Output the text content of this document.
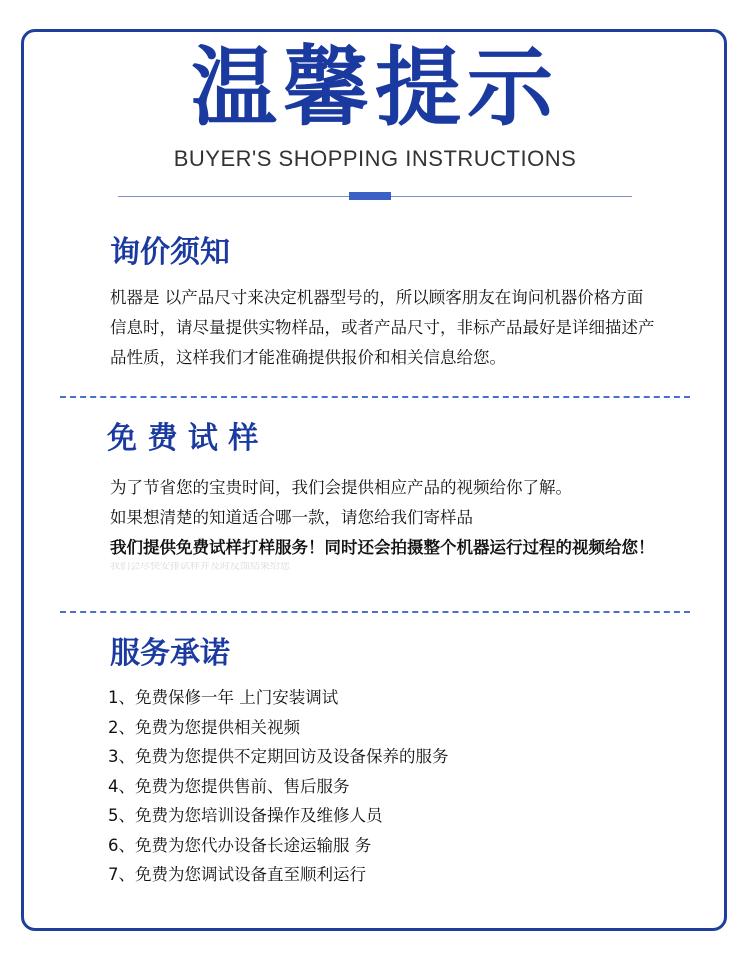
温馨提示
BUYER'S SHOPPING INSTRUCTIONS
询价须知

机器是 以产品尺寸来决定机器型号的，所以顾客朋友在询问机器价格方面

信息时，请尽量提供实物样品，或者产品尺寸，非标产品最好是详细描述产

品性质，这样我们才能准确提供报价和相关信息给您。

免 费 试 样

为了节省您的宝贵时间，我们会提供相应产品的视频给你了解。

如果想清楚的知道适合哪一款，请您给我们寄样品

我们提供免费试样打样服务！同时还会拍摄整个机器运行过程的视频给您！

我们会尽快安排试样并及时反馈结果给您
服务承诺
1、免费保修一年 上门安装调试
2、免费为您提供相关视频
3、免费为您提供不定期回访及设备保养的服务
4、免费为您提供售前、售后服务
5、免费为您培训设备操作及维修人员
6、免费为您代办设备长途运输服 务
7、免费为您调试设备直至顺利运行
